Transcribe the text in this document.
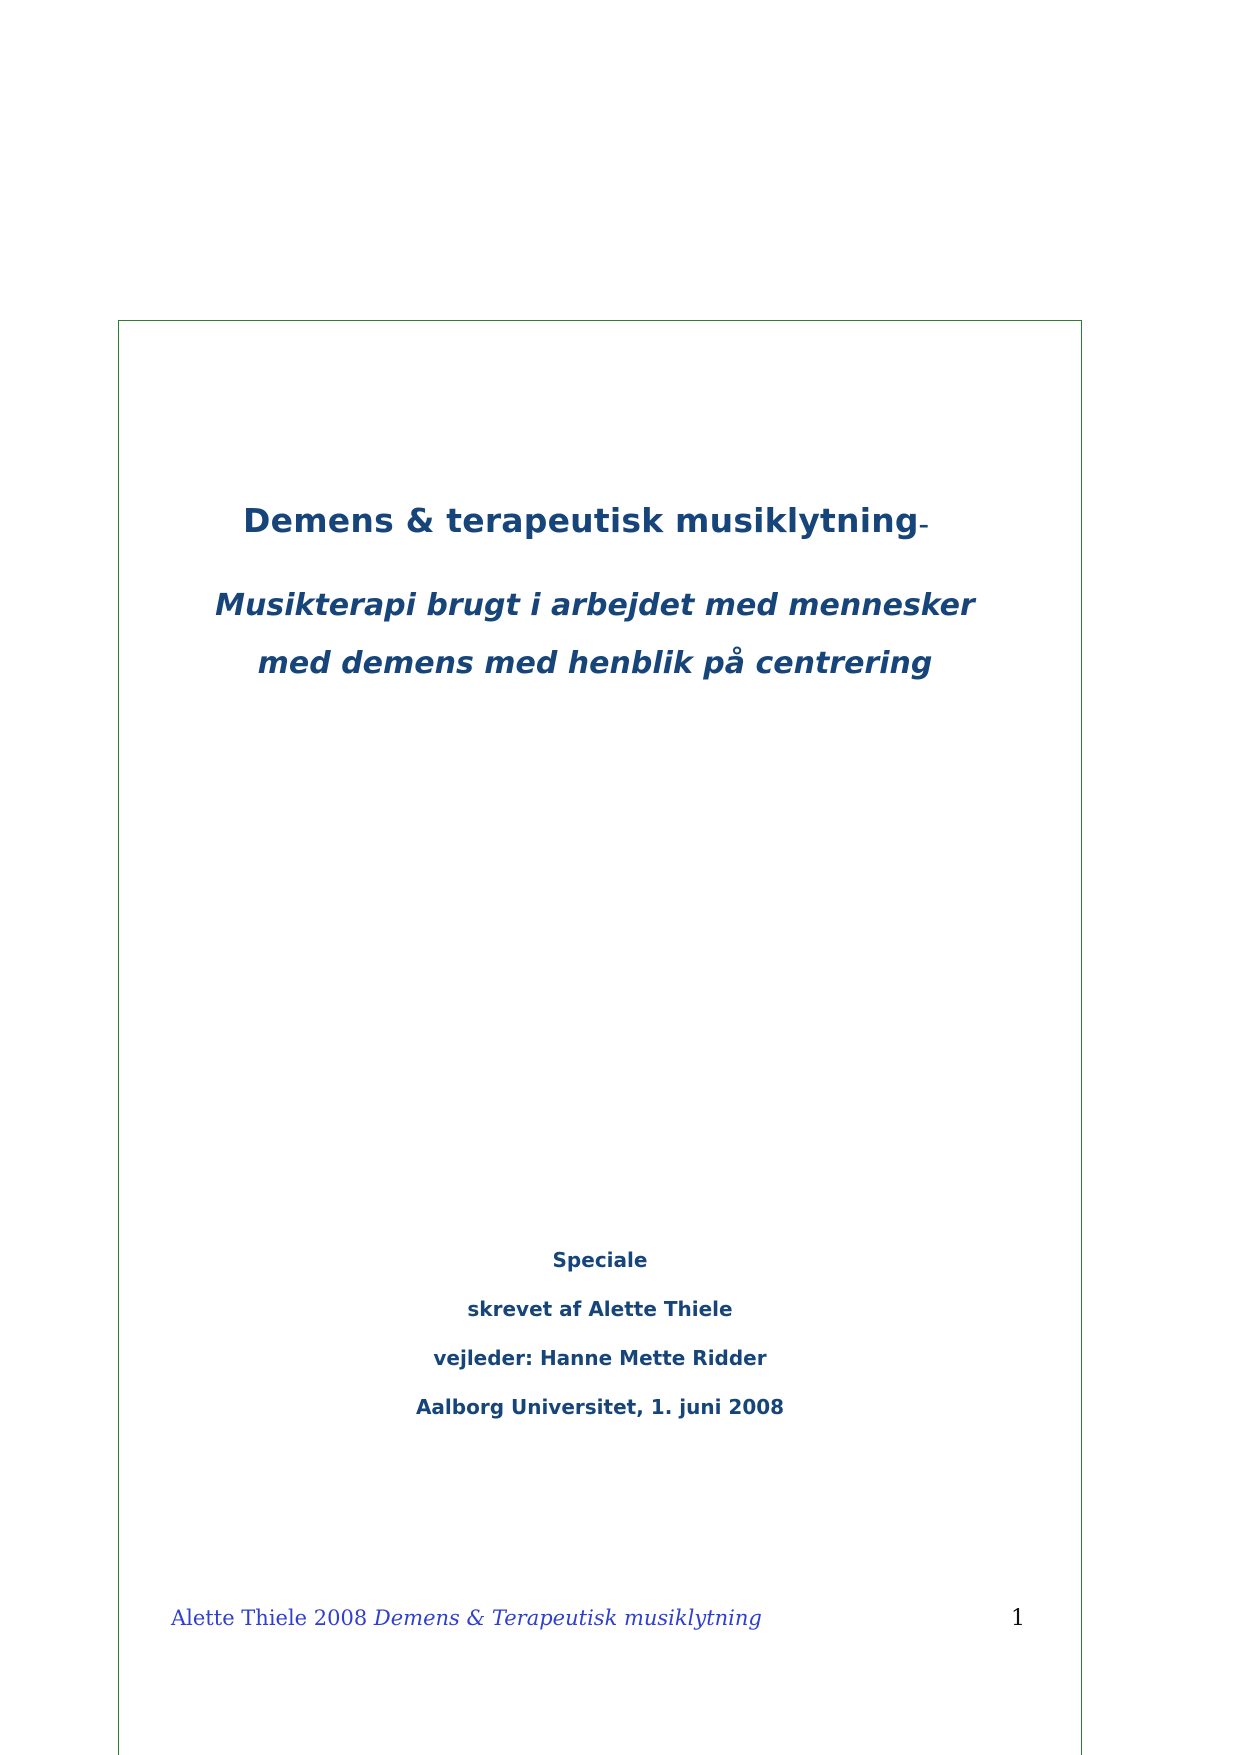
Demens & terapeutisk musiklytning–
Musikterapi brugt i arbejdet med mennesker
med demens med henblik på centrering
Speciale
skrevet af Alette Thiele
vejleder: Hanne Mette Ridder
Aalborg Universitet, 1. juni 2008
Alette Thiele 2008 Demens & Terapeutisk musiklytning	1
